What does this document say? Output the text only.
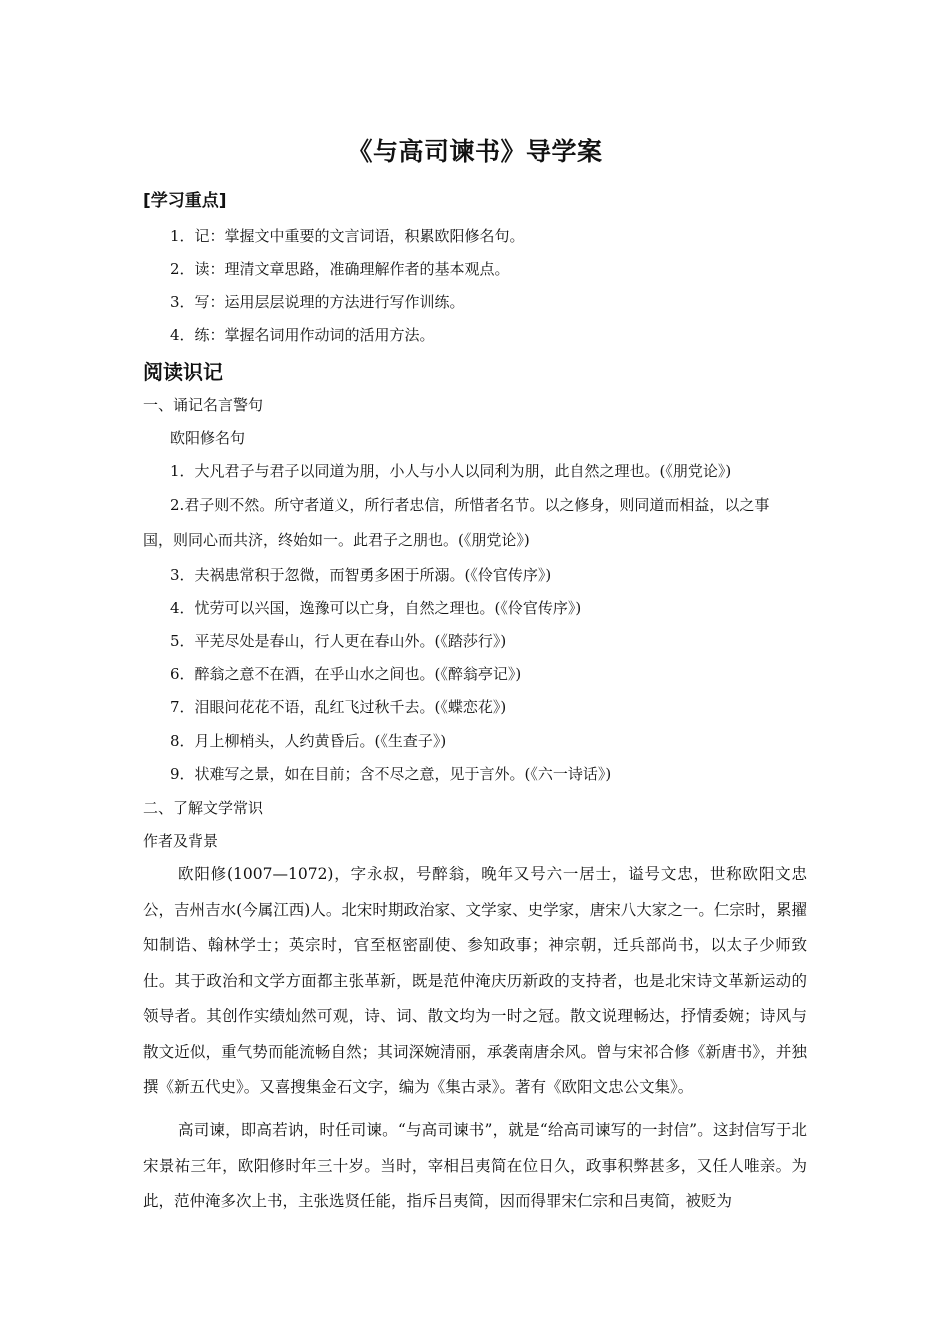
《与高司谏书》导学案
[学习重点]
1．记：掌握文中重要的文言词语，积累欧阳修名句。
2．读：理清文章思路，准确理解作者的基本观点。
3．写：运用层层说理的方法进行写作训练。
4．练：掌握名词用作动词的活用方法。
阅读识记
一、诵记名言警句
欧阳修名句
1．大凡君子与君子以同道为朋，小人与小人以同利为朋，此自然之理也。(《朋党论》)
2.君子则不然。所守者道义，所行者忠信，所惜者名节。以之修身，则同道而相益，以之事
国，则同心而共济，终始如一。此君子之朋也。(《朋党论》)
3．夫祸患常积于忽微，而智勇多困于所溺。(《伶官传序》)
4．忧劳可以兴国，逸豫可以亡身，自然之理也。(《伶官传序》)
5．平芜尽处是春山，行人更在春山外。(《踏莎行》)
6．醉翁之意不在酒，在乎山水之间也。(《醉翁亭记》)
7．泪眼问花花不语，乱红飞过秋千去。(《蝶恋花》)
8．月上柳梢头，人约黄昏后。(《生查子》)
9．状难写之景，如在目前；含不尽之意，见于言外。(《六一诗话》)
二、了解文学常识
作者及背景
欧阳修(1007—1072)，字永叔，号醉翁，晚年又号六一居士，谥号文忠，世称欧阳文忠公，吉州吉水(今属江西)人。北宋时期政治家、文学家、史学家，唐宋八大家之一。仁宗时，累擢知制诰、翰林学士；英宗时，官至枢密副使、参知政事；神宗朝，迁兵部尚书，以太子少师致仕。其于政治和文学方面都主张革新，既是范仲淹庆历新政的支持者，也是北宋诗文革新运动的领导者。其创作实绩灿然可观，诗、词、散文均为一时之冠。散文说理畅达，抒情委婉；诗风与散文近似，重气势而能流畅自然；其词深婉清丽，承袭南唐余风。曾与宋祁合修《新唐书》，并独撰《新五代史》。又喜搜集金石文字，编为《集古录》。著有《欧阳文忠公文集》。
高司谏，即高若讷，时任司谏。“与高司谏书”，就是“给高司谏写的一封信”。这封信写于北宋景祐三年，欧阳修时年三十岁。当时，宰相吕夷简在位日久，政事积弊甚多，又任人唯亲。为此，范仲淹多次上书，主张选贤任能，指斥吕夷简，因而得罪宋仁宗和吕夷简，被贬为
